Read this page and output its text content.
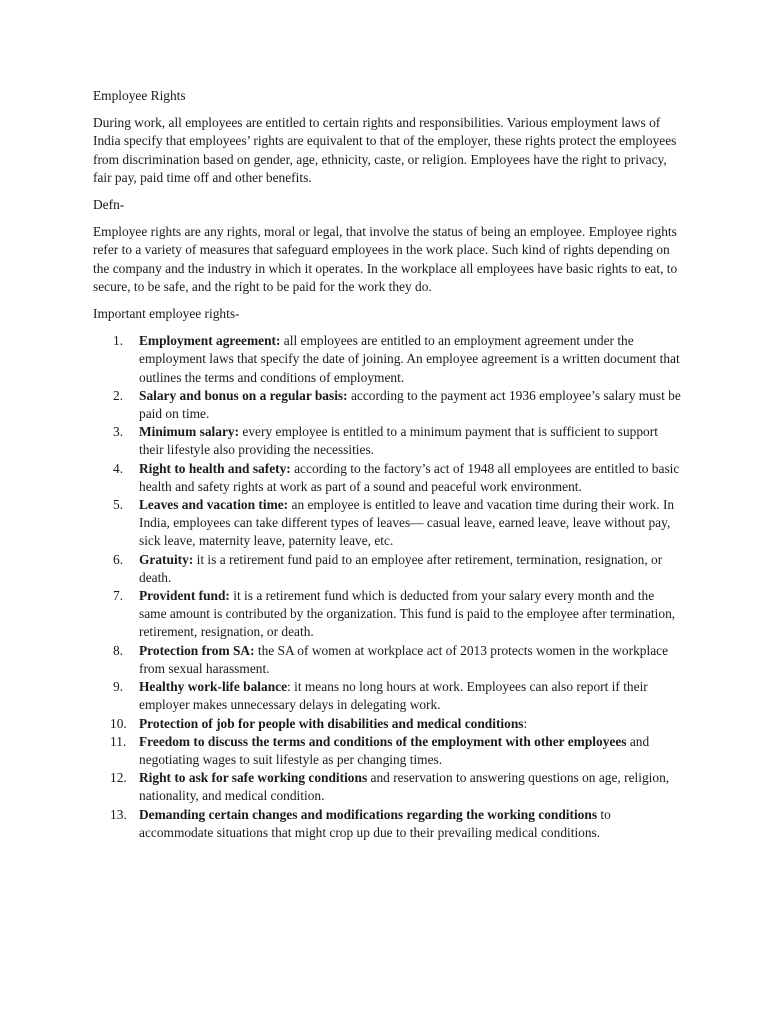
Employee Rights

During work, all employees are entitled to certain rights and responsibilities. Various employment laws of India specify that employees’ rights are equivalent to that of the employer, these rights protect the employees from discrimination based on gender, age, ethnicity, caste, or religion. Employees have the right to privacy, fair pay, paid time off and other benefits.

Defn-

Employee rights are any rights, moral or legal, that involve the status of being an employee. Employee rights refer to a variety of measures that safeguard employees in the work place. Such kind of rights depending on the company and the industry in which it operates. In the workplace all employees have basic rights to eat, to secure, to be safe, and the right to be paid for the work they do.

Important employee rights-

1. Employment agreement: all employees are entitled to an employment agreement under the employment laws that specify the date of joining. An employee agreement is a written document that outlines the terms and conditions of employment.
2. Salary and bonus on a regular basis: according to the payment act 1936 employee’s salary must be paid on time.
3. Minimum salary: every employee is entitled to a minimum payment that is sufficient to support their lifestyle also providing the necessities.
4. Right to health and safety: according to the factory’s act of 1948 all employees are entitled to basic health and safety rights at work as part of a sound and peaceful work environment.
5. Leaves and vacation time: an employee is entitled to leave and vacation time during their work. In India, employees can take different types of leaves— casual leave, earned leave, leave without pay, sick leave, maternity leave, paternity leave, etc.
6. Gratuity: it is a retirement fund paid to an employee after retirement, termination, resignation, or death.
7. Provident fund: it is a retirement fund which is deducted from your salary every month and the same amount is contributed by the organization. This fund is paid to the employee after termination, retirement, resignation, or death.
8. Protection from SA: the SA of women at workplace act of 2013 protects women in the workplace from sexual harassment.
9. Healthy work-life balance: it means no long hours at work. Employees can also report if their employer makes unnecessary delays in delegating work.
10. Protection of job for people with disabilities and medical conditions:
11. Freedom to discuss the terms and conditions of the employment with other employees and negotiating wages to suit lifestyle as per changing times.
12. Right to ask for safe working conditions and reservation to answering questions on age, religion, nationality, and medical condition.
13. Demanding certain changes and modifications regarding the working conditions to accommodate situations that might crop up due to their prevailing medical conditions.
